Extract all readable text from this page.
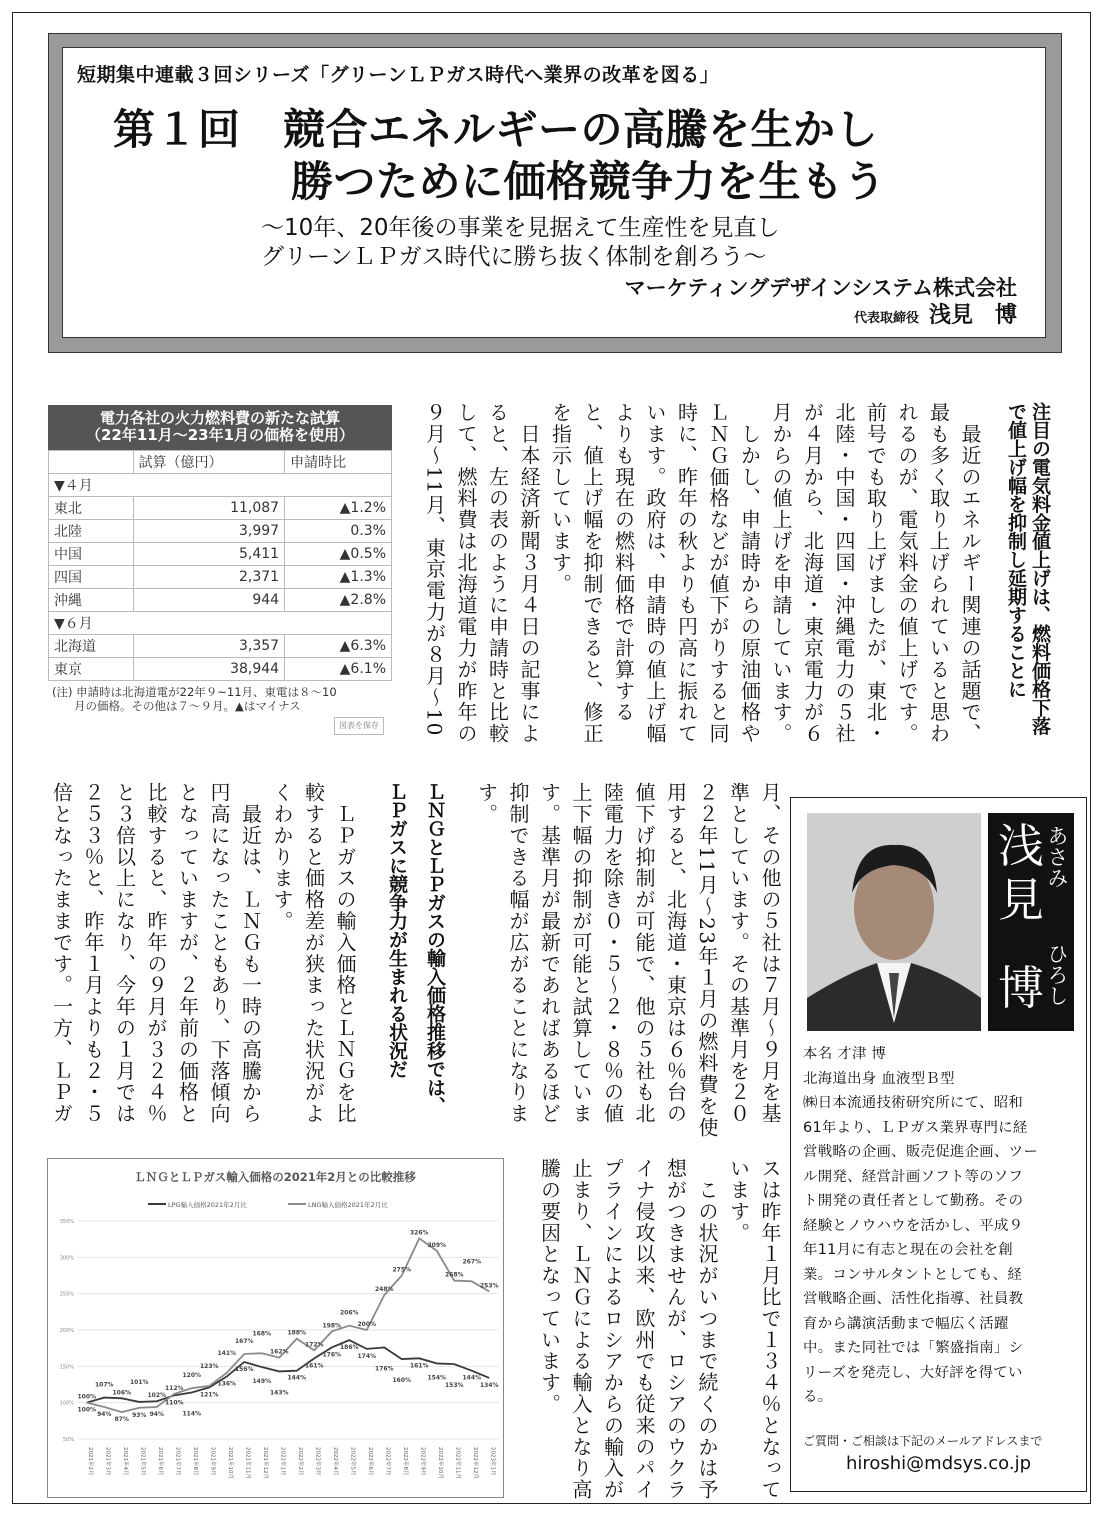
短期集中連載３回シリーズ「グリーンＬＰガス時代へ業界の改革を図る」
第１回　競合エネルギーの高騰を生かし
勝つために価格競争力を生もう
～10年、20年後の事業を見据えて生産性を見直し
グリーンＬＰガス時代に勝ち抜く体制を創ろう～
マーケティングデザインシステム株式会社
代表取締役 浅見　博
注目の電気料金値上げは、燃料価格下落
で値上げ幅を抑制し延期することに
　最近のエネルギー関連の話題で、
最も多く取り上げられていると思わ
れるのが、電気料金の値上げです。
前号でも取り上げましたが、東北・
北陸・中国・四国・沖縄電力の５社
が４月から、北海道・東京電力が６
月からの値上げを申請しています。
　しかし、申請時からの原油価格や
ＬＮＧ価格などが値下がりすると同
時に、昨年の秋よりも円高に振れて
います。政府は、申請時の値上げ幅
よりも現在の燃料価格で計算する
と、値上げ幅を抑制できると、修正
を指示しています。
　日本経済新聞３月４日の記事によ
ると、左の表のように申請時と比較
して、燃料費は北海道電力が昨年の
９月～11月、東京電力が８月～10
月、その他の５社は７月～９月を基
準としています。その基準月を２０
２２年11月～23年１月の燃料費を使
用すると、北海道・東京は６％台の
値下げ抑制が可能で、他の５社も北
陸電力を除き０・５～２・８％の値
上下幅の抑制が可能と試算していま
す。基準月が最新であればあるほど
抑制できる幅が広がることになりま
す。
ＬＮＧとＬＰガスの輸入価格推移では、
ＬＰガスに競争力が生まれる状況だ
　ＬＰガスの輸入価格とＬＮＧを比
較すると価格差が狭まった状況がよ
くわかります。
　最近は、ＬＮＧも一時の高騰から
円高になったこともあり、下落傾向
となっていますが、２年前の価格と
比較すると、昨年の９月が３２４％
と３倍以上になり、今年の１月では
２５３％と、昨年１月よりも２・５
倍となったままです。一方、ＬＰガ
スは昨年１月比で１３４％となって
います。
　この状況がいつまで続くのかは予
想がつきませんが、ロシアのウクラ
イナ侵攻以来、欧州でも従来のパイ
プラインによるロシアからの輸入が
止まり、ＬＮＧによる輸入となり高
騰の要因となっています。
電力各社の火力燃料費の新たな試算
（22年11月～23年1月の価格を使用）
	試算（億円）	申請時比
▼４月		
東北	11,087	▲1.2%
北陸	3,997	0.3%
中国	5,411	▲0.5%
四国	2,371	▲1.3%
沖縄	944	▲2.8%
▼６月		
北海道	3,357	▲6.3%
東京	38,944	▲6.1%
(注) 申請時は北海道電が22年９~11月、東電は８～10
月の価格。その他は７～９月。▲はマイナス
図表を保存
ＬＮＧとＬＰガス輸入価格の2021年2月との比較推移
LPG輸入価格2021年2月比	LNG輸入価格2021年2月比
50%
100%
150%
200%
250%
300%
350%
2021年2月	2021年3月	2021年4月	2021年5月	2021年6月	2021年7月	2021年8月	2021年9月	2021年10月	2021年11月	2021年12月	2022年1月	2022年2月	2022年3月	2022年4月	2022年5月	2022年6月	2022年7月	2022年8月	2022年9月	2022年10月	2022年11月	2022年12月	2023年1月
100%
107%
106%
101%
102%
110%
114%
121%
136%
156%
149%
143%
144%
161%
176%
186%
174%
176%
160%
161%
154%
153%
144%
134%
100%
94%
87%
93% 94%
112%
120%
123%
141%
167%
168%
162%
188%
172%
198%
206%
200%
248%
275%
326%
309%
268%
267%
253%
浅
見
博
あさみ
ひろし
本名 才津 博
北海道出身 血液型Ｂ型
㈱日本流通技術研究所にて、昭和
61年より、ＬＰガス業界専門に経
営戦略の企画、販売促進企画、ツー
ル開発、経営計画ソフト等のソフ
ト開発の責任者として勤務。その
経験とノウハウを活かし、平成９
年11月に有志と現在の会社を創
業。コンサルタントとしても、経
営戦略企画、活性化指導、社員教
育から講演活動まで幅広く活躍
中。また同社では「繁盛指南」シ
リーズを発売し、大好評を得てい
る。
ご質問・ご相談は下記のメールアドレスまで
hiroshi@mdsys.co.jp
